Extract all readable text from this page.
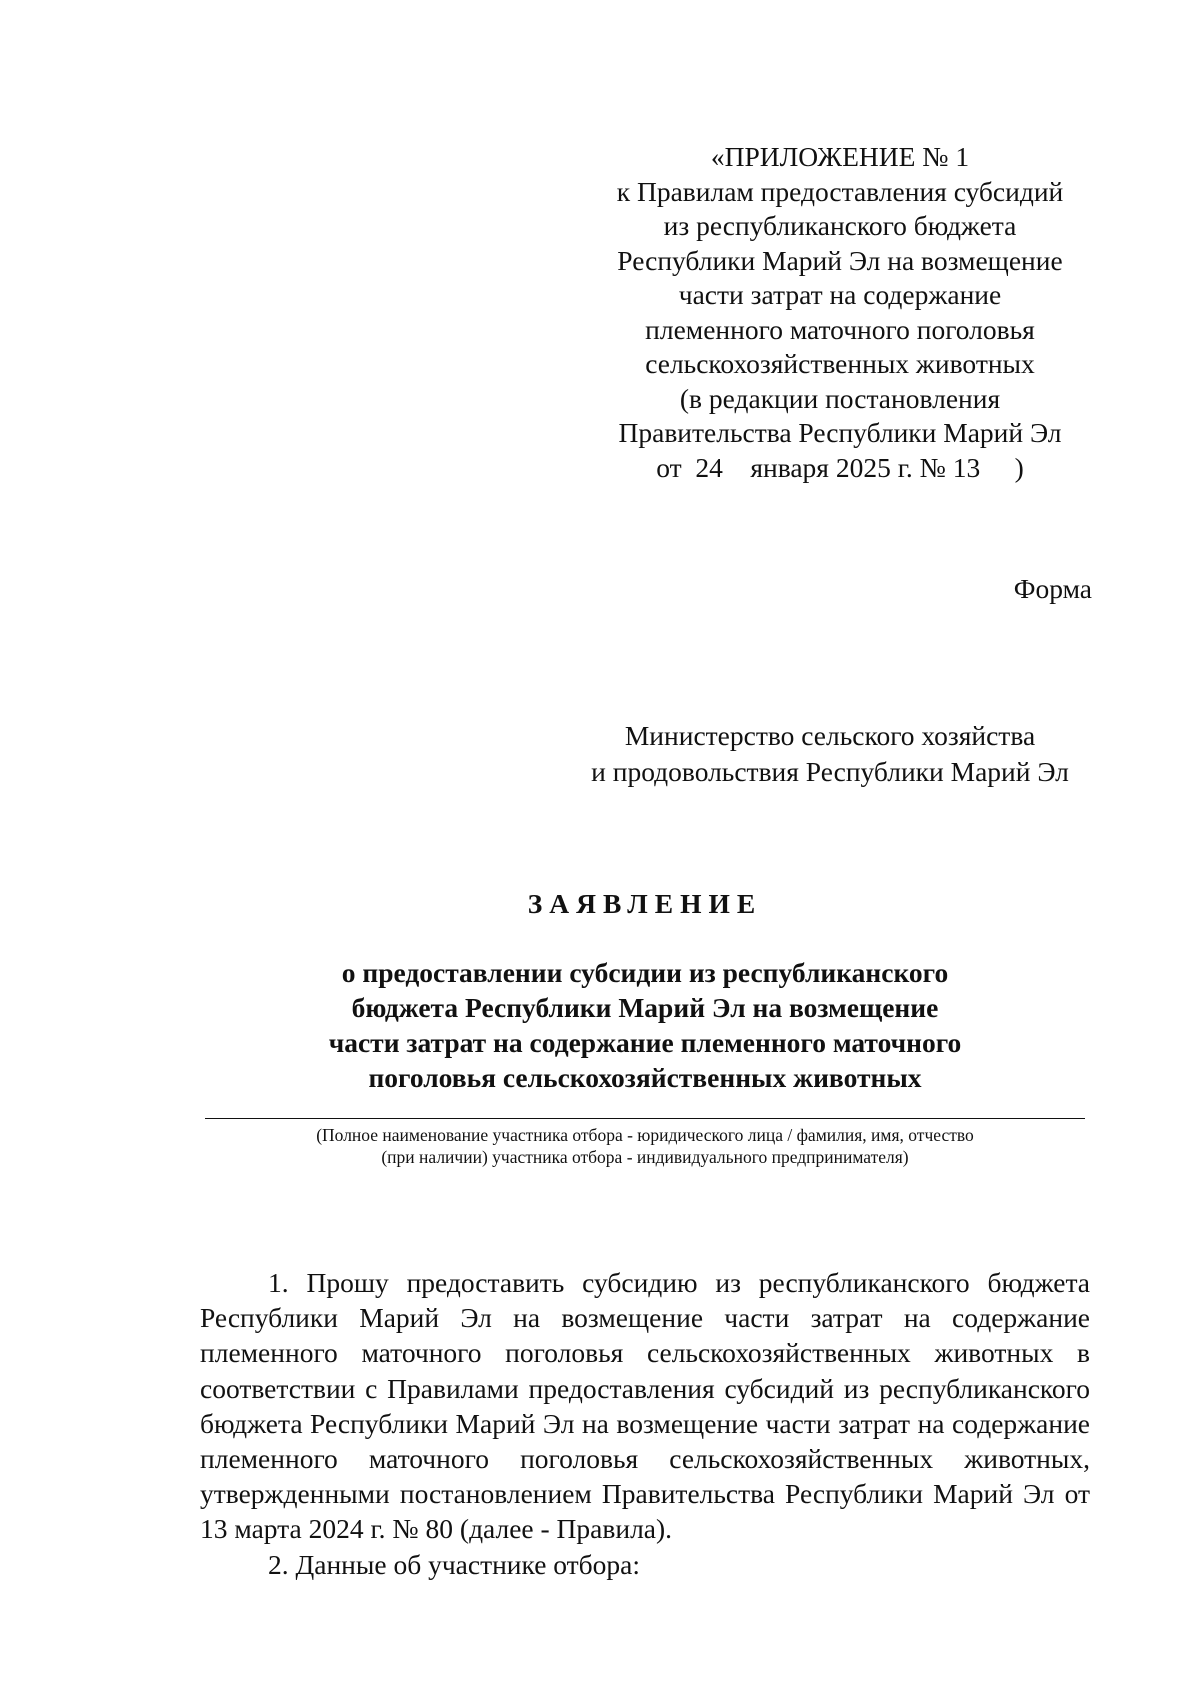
«ПРИЛОЖЕНИЕ № 1
к Правилам предоставления субсидий
из республиканского бюджета
Республики Марий Эл на возмещение
части затрат на содержание
племенного маточного поголовья
сельскохозяйственных животных
(в редакции постановления
Правительства Республики Марий Эл
от  24    января 2025 г. № 13     )
Форма
Министерство сельского хозяйства
и продовольствия Республики Марий Эл
ЗАЯВЛЕНИЕ
о предоставлении субсидии из республиканского
бюджета Республики Марий Эл на возмещение
части затрат на содержание племенного маточного
поголовья сельскохозяйственных животных
(Полное наименование участника отбора - юридического лица / фамилия, имя, отчество
(при наличии) участника отбора - индивидуального предпринимателя)

1. Прошу предоставить субсидию из республиканского бюджета Республики Марий Эл на возмещение части затрат на содержание племенного маточного поголовья сельскохозяйственных животных в соответствии с Правилами предоставления субсидий из республиканского бюджета Республики Марий Эл на возмещение части затрат на содержание племенного маточного поголовья сельскохозяйственных животных, утвержденными постановлением Правительства Республики Марий Эл от 13 марта 2024 г. № 80 (далее - Правила).

2. Данные об участнике отбора:
